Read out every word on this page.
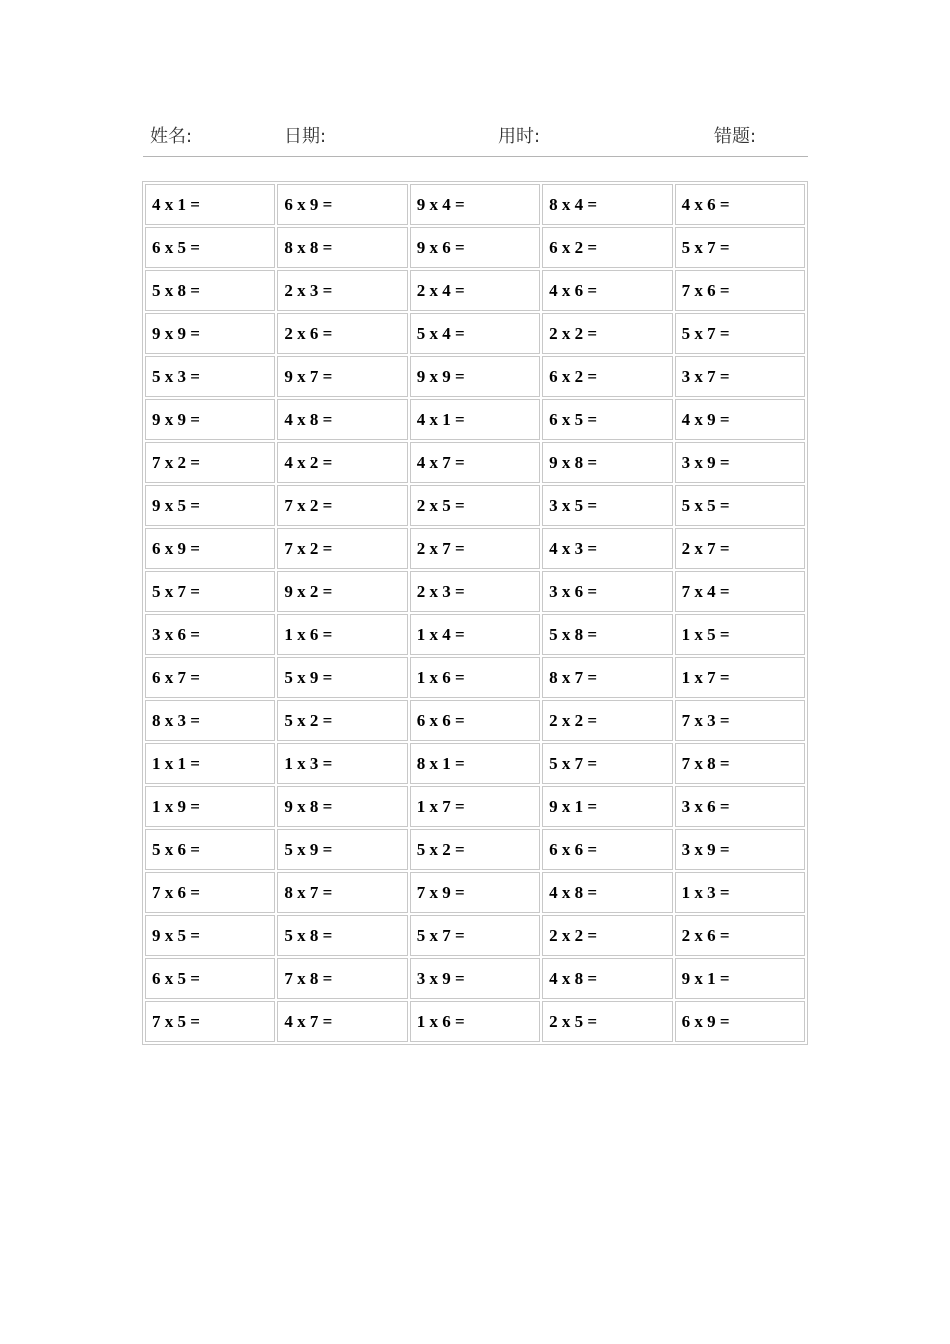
姓名:	日期:	用时:	错题:
4 x 1 =	6 x 9 =	9 x 4 =	8 x 4 =	4 x 6 =
6 x 5 =	8 x 8 =	9 x 6 =	6 x 2 =	5 x 7 =
5 x 8 =	2 x 3 =	2 x 4 =	4 x 6 =	7 x 6 =
9 x 9 =	2 x 6 =	5 x 4 =	2 x 2 =	5 x 7 =
5 x 3 =	9 x 7 =	9 x 9 =	6 x 2 =	3 x 7 =
9 x 9 =	4 x 8 =	4 x 1 =	6 x 5 =	4 x 9 =
7 x 2 =	4 x 2 =	4 x 7 =	9 x 8 =	3 x 9 =
9 x 5 =	7 x 2 =	2 x 5 =	3 x 5 =	5 x 5 =
6 x 9 =	7 x 2 =	2 x 7 =	4 x 3 =	2 x 7 =
5 x 7 =	9 x 2 =	2 x 3 =	3 x 6 =	7 x 4 =
3 x 6 =	1 x 6 =	1 x 4 =	5 x 8 =	1 x 5 =
6 x 7 =	5 x 9 =	1 x 6 =	8 x 7 =	1 x 7 =
8 x 3 =	5 x 2 =	6 x 6 =	2 x 2 =	7 x 3 =
1 x 1 =	1 x 3 =	8 x 1 =	5 x 7 =	7 x 8 =
1 x 9 =	9 x 8 =	1 x 7 =	9 x 1 =	3 x 6 =
5 x 6 =	5 x 9 =	5 x 2 =	6 x 6 =	3 x 9 =
7 x 6 =	8 x 7 =	7 x 9 =	4 x 8 =	1 x 3 =
9 x 5 =	5 x 8 =	5 x 7 =	2 x 2 =	2 x 6 =
6 x 5 =	7 x 8 =	3 x 9 =	4 x 8 =	9 x 1 =
7 x 5 =	4 x 7 =	1 x 6 =	2 x 5 =	6 x 9 =
